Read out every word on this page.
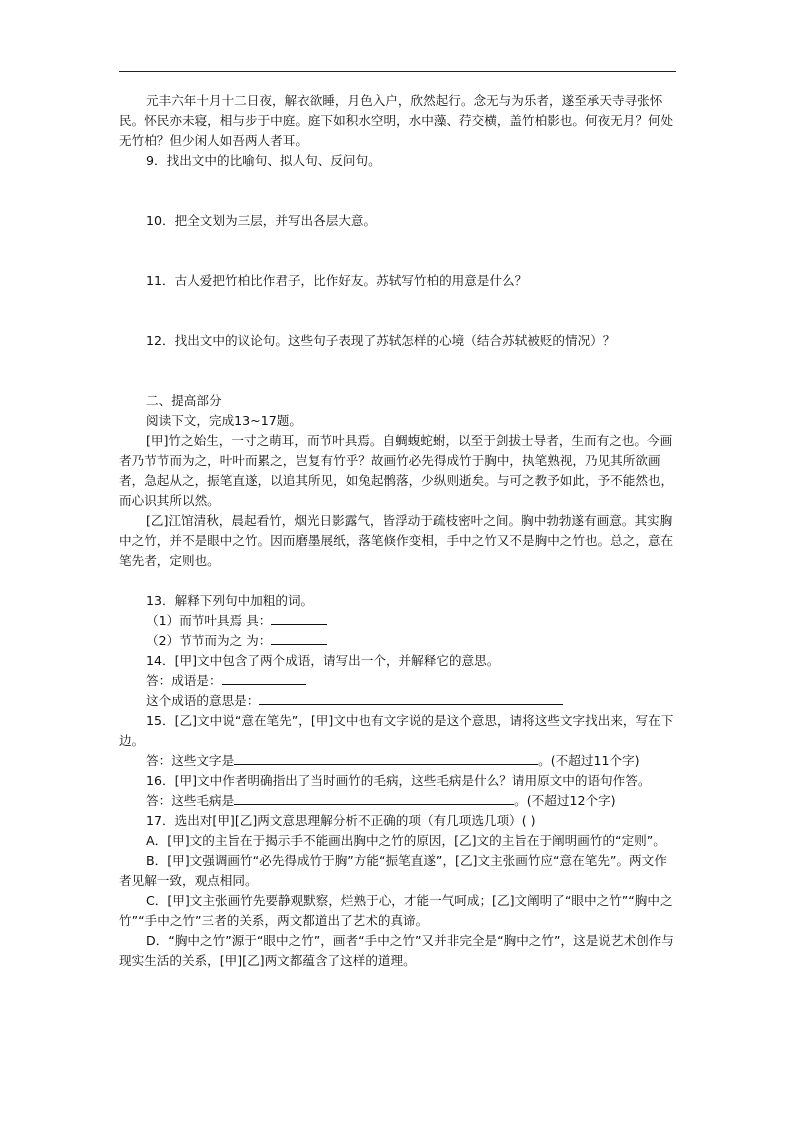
元丰六年十月十二日夜，解衣欲睡，月色入户，欣然起行。念无与为乐者，遂至承天寺寻张怀民。怀民亦未寝，相与步于中庭。庭下如积水空明，水中藻、荇交横，盖竹柏影也。何夜无月？何处无竹柏？但少闲人如吾两人者耳。

9．找出文中的比喻句、拟人句、反问句。

10．把全文划为三层，并写出各层大意。

11．古人爱把竹柏比作君子，比作好友。苏轼写竹柏的用意是什么？

12．找出文中的议论句。这些句子表现了苏轼怎样的心境（结合苏轼被贬的情况）？

二、提高部分

阅读下文，完成13~17题。

[甲]竹之始生，一寸之萌耳，而节叶具焉。自蜩蝮蛇蚹，以至于剑拔士导者，生而有之也。今画者乃节节而为之，叶叶而累之，岂复有竹乎？故画竹必先得成竹于胸中，执笔熟视，乃见其所欲画者，急起从之，振笔直遂，以追其所见，如兔起鹘落，少纵则逝矣。与可之教予如此，予不能然也，而心识其所以然。

[乙]江馆清秋，晨起看竹，烟光日影露气，皆浮动于疏枝密叶之间。胸中勃勃遂有画意。其实胸中之竹，并不是眼中之竹。因而磨墨展纸，落笔倏作变相，手中之竹又不是胸中之竹也。总之，意在笔先者，定则也。

13．解释下列句中加粗的词。

（1）而节叶具焉 具：

（2）节节而为之 为：

14．[甲]文中包含了两个成语，请写出一个，并解释它的意思。

答：成语是：

这个成语的意思是：

15．[乙]文中说“意在笔先”，[甲]文中也有文字说的是这个意思，请将这些文字找出来，写在下边。

答：这些文字是	。(不超过11个字)

16．[甲]文中作者明确指出了当时画竹的毛病，这些毛病是什么？请用原文中的语句作答。

答：这些毛病是	。(不超过12个字)

17．选出对[甲][乙]两文意思理解分析不正确的项（有几项选几项）( )

A．[甲]文的主旨在于揭示手不能画出胸中之竹的原因，[乙]文的主旨在于阐明画竹的“定则”。

B．[甲]文强调画竹“必先得成竹于胸”方能“振笔直遂”，[乙]文主张画竹应“意在笔先”。两文作者见解一致，观点相同。

C．[甲]文主张画竹先要静观默察，烂熟于心，才能一气呵成；[乙]文阐明了“眼中之竹”“胸中之竹”“手中之竹”三者的关系，两文都道出了艺术的真谛。

D．“胸中之竹”源于“眼中之竹”，画者“手中之竹”又并非完全是“胸中之竹”，这是说艺术创作与现实生活的关系，[甲][乙]两文都蕴含了这样的道理。
